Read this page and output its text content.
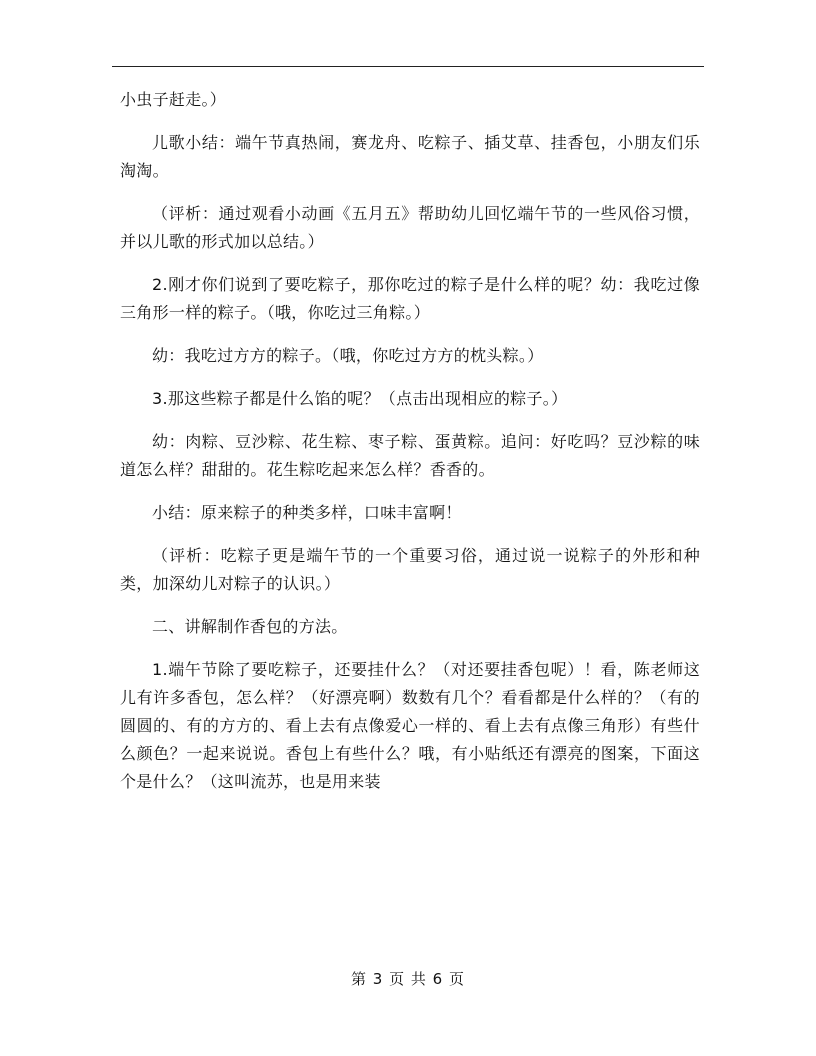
小虫子赶走。）

儿歌小结：端午节真热闹，赛龙舟、吃粽子、插艾草、挂香包，小朋友们乐淘淘。

（评析：通过观看小动画《五月五》帮助幼儿回忆端午节的一些风俗习惯，并以儿歌的形式加以总结。）

2.刚才你们说到了要吃粽子，那你吃过的粽子是什么样的呢？幼：我吃过像三角形一样的粽子。（哦，你吃过三角粽。）

幼：我吃过方方的粽子。（哦，你吃过方方的枕头粽。）

3.那这些粽子都是什么馅的呢？（点击出现相应的粽子。）

幼：肉粽、豆沙粽、花生粽、枣子粽、蛋黄粽。追问：好吃吗？豆沙粽的味道怎么样？甜甜的。花生粽吃起来怎么样？香香的。

小结：原来粽子的种类多样，口味丰富啊！

（评析：吃粽子更是端午节的一个重要习俗，通过说一说粽子的外形和种类，加深幼儿对粽子的认识。）

二、讲解制作香包的方法。

1.端午节除了要吃粽子，还要挂什么？（对还要挂香包呢）！看，陈老师这儿有许多香包，怎么样？（好漂亮啊）数数有几个？看看都是什么样的？（有的圆圆的、有的方方的、看上去有点像爱心一样的、看上去有点像三角形）有些什么颜色？一起来说说。香包上有些什么？哦，有小贴纸还有漂亮的图案，下面这个是什么？（这叫流苏，也是用来装

第 3 页 共 6 页
